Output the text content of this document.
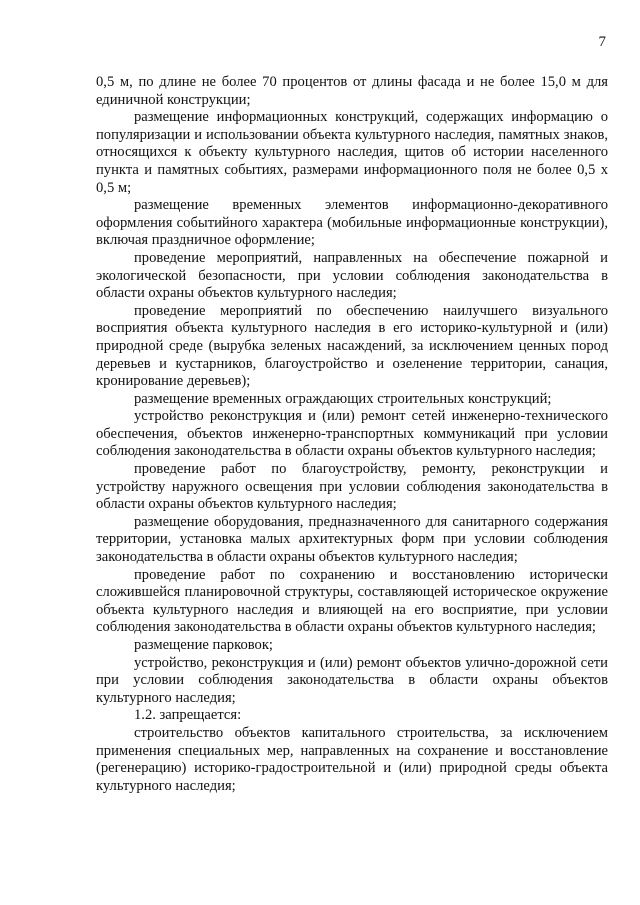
7

0,5 м, по длине не более 70 процентов от длины фасада и не более 15,0 м для единичной конструкции;

размещение информационных конструкций, содержащих информацию о популяризации и использовании объекта культурного наследия, памятных знаков, относящихся к объекту культурного наследия, щитов об истории населенного пункта и памятных событиях, размерами информационного поля не более 0,5 х 0,5 м;

размещение временных элементов информационно-декоративного оформления событийного характера (мобильные информационные конструкции), включая праздничное оформление;

проведение мероприятий, направленных на обеспечение пожарной и экологической безопасности, при условии соблюдения законодательства в области охраны объектов культурного наследия;

проведение мероприятий по обеспечению наилучшего визуального восприятия объекта культурного наследия в его историко-культурной и (или) природной среде (вырубка зеленых насаждений, за исключением ценных пород деревьев и кустарников, благоустройство и озеленение территории, санация, кронирование деревьев);

размещение временных ограждающих строительных конструкций;

устройство реконструкция и (или) ремонт сетей инженерно-технического обеспечения, объектов инженерно-транспортных коммуникаций при условии соблюдения законодательства в области охраны объектов культурного наследия;

проведение работ по благоустройству, ремонту, реконструкции и устройству наружного освещения при условии соблюдения законодательства в области охраны объектов культурного наследия;

размещение оборудования, предназначенного для санитарного содержания территории, установка малых архитектурных форм при условии соблюдения законодательства в области охраны объектов культурного наследия;

проведение работ по сохранению и восстановлению исторически сложившейся планировочной структуры, составляющей историческое окружение объекта культурного наследия и влияющей на его восприятие, при условии соблюдения законодательства в области охраны объектов культурного наследия;

размещение парковок;

устройство, реконструкция и (или) ремонт объектов улично-дорожной сети при условии соблюдения законодательства в области охраны объектов культурного наследия;

1.2. запрещается:

строительство объектов капитального строительства, за исключением применения специальных мер, направленных на сохранение и восстановление (регенерацию) историко-градостроительной и (или) природной среды объекта культурного наследия;
